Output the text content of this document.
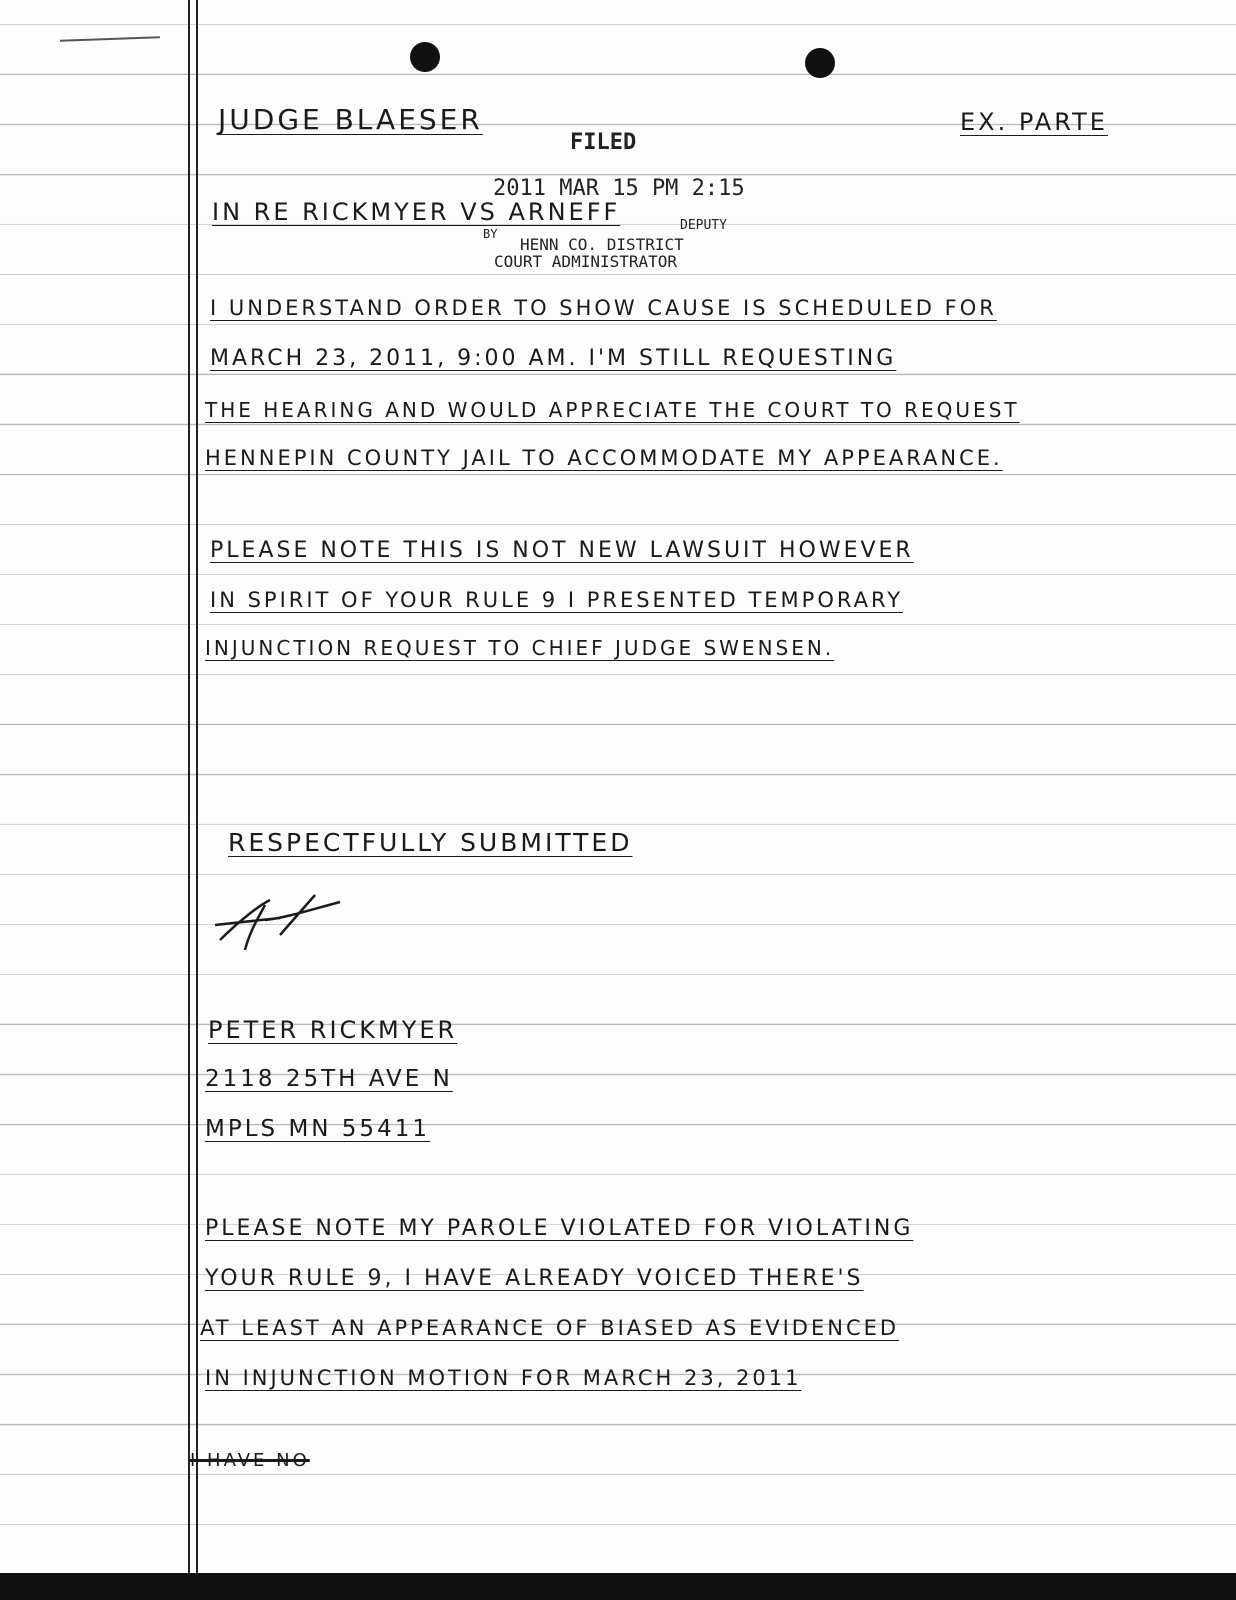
JUDGE BLAESER	EX. PARTE
FILED
2011 MAR 15 PM 2:15
BY
DEPUTY
HENN CO. DISTRICT
COURT ADMINISTRATOR
IN RE RICKMYER VS ARNEFF
I UNDERSTAND ORDER TO SHOW CAUSE IS SCHEDULED FOR
MARCH 23, 2011, 9:00 AM. I'M STILL REQUESTING
THE HEARING AND WOULD APPRECIATE THE COURT TO REQUEST
HENNEPIN COUNTY JAIL TO ACCOMMODATE MY APPEARANCE.
PLEASE NOTE THIS IS NOT NEW LAWSUIT HOWEVER
IN SPIRIT OF YOUR RULE 9 I PRESENTED TEMPORARY
INJUNCTION REQUEST TO CHIEF JUDGE SWENSEN.
RESPECTFULLY SUBMITTED
PETER RICKMYER
2118 25TH AVE N
MPLS MN 55411
PLEASE NOTE MY PAROLE VIOLATED FOR VIOLATING
YOUR RULE 9, I HAVE ALREADY VOICED THERE'S
AT LEAST AN APPEARANCE OF BIASED AS EVIDENCED
IN INJUNCTION MOTION FOR MARCH 23, 2011
I HAVE NO
